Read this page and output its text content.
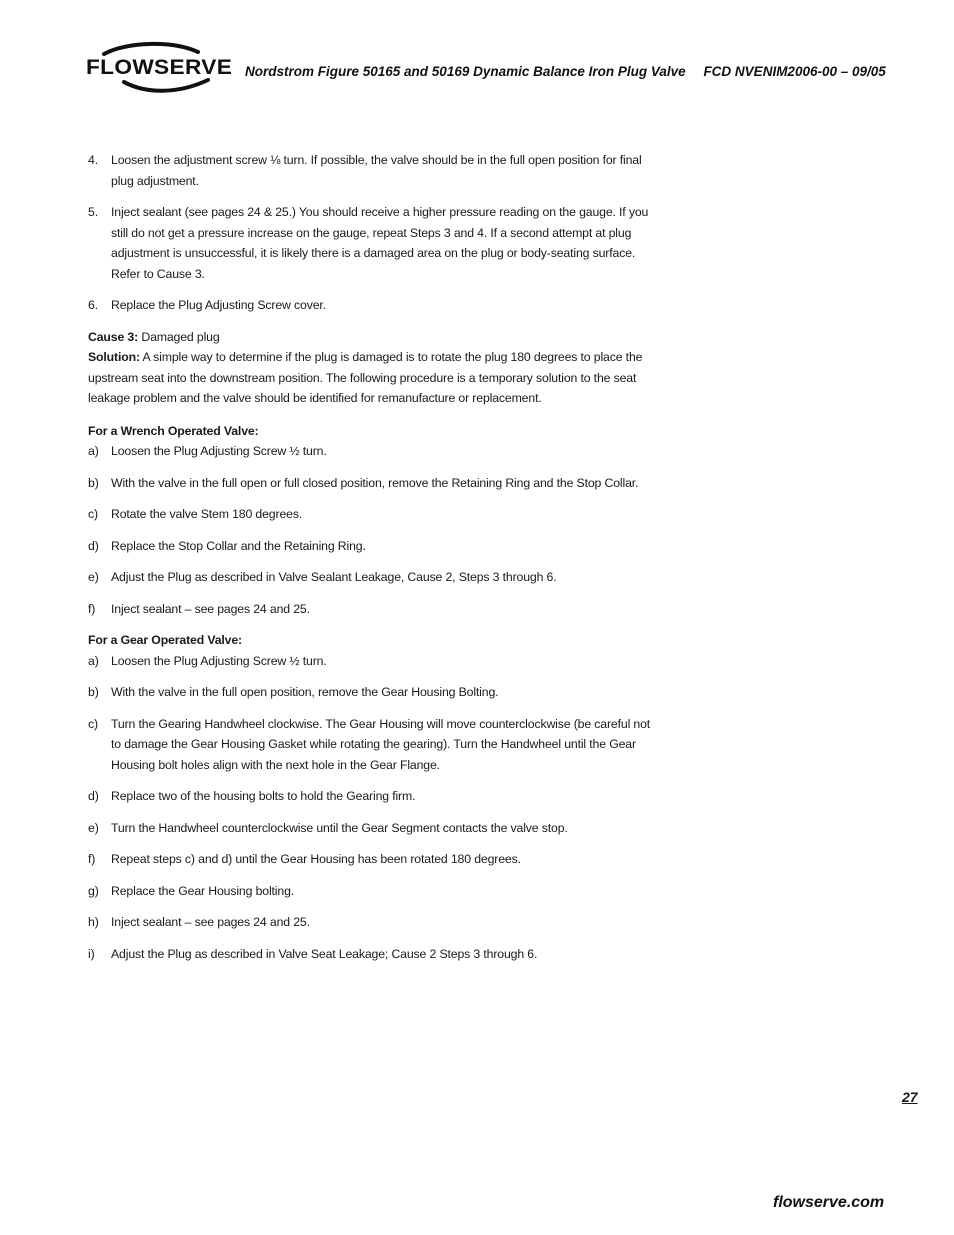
FLOWSERVE Nordstrom Figure 50165 and 50169 Dynamic Balance Iron Plug Valve FCD NVENIM2006-00 – 09/05
4.	Loosen the adjustment screw ⅛ turn. If possible, the valve should be in the full open position for final plug adjustment.
5.	Inject sealant (see pages 24 & 25.) You should receive a higher pressure reading on the gauge. If you still do not get a pressure increase on the gauge, repeat Steps 3 and 4. If a second attempt at plug adjustment is unsuccessful, it is likely there is a damaged area on the plug or body-seating surface. Refer to Cause 3.
6.	Replace the Plug Adjusting Screw cover.
Cause 3: Damaged plug
Solution: A simple way to determine if the plug is damaged is to rotate the plug 180 degrees to place the upstream seat into the downstream position. The following procedure is a temporary solution to the seat leakage problem and the valve should be identified for remanufacture or replacement.
For a Wrench Operated Valve:
a)	Loosen the Plug Adjusting Screw ½ turn.
b)	With the valve in the full open or full closed position, remove the Retaining Ring and the Stop Collar.
c)	Rotate the valve Stem 180 degrees.
d)	Replace the Stop Collar and the Retaining Ring.
e)	Adjust the Plug as described in Valve Sealant Leakage, Cause 2, Steps 3 through 6.
f)	Inject sealant – see pages 24 and 25.
For a Gear Operated Valve:
a)	Loosen the Plug Adjusting Screw ½ turn.
b)	With the valve in the full open position, remove the Gear Housing Bolting.
c)	Turn the Gearing Handwheel clockwise. The Gear Housing will move counterclockwise (be careful not to damage the Gear Housing Gasket while rotating the gearing). Turn the Handwheel until the Gear Housing bolt holes align with the next hole in the Gear Flange.
d)	Replace two of the housing bolts to hold the Gearing firm.
e)	Turn the Handwheel counterclockwise until the Gear Segment contacts the valve stop.
f)	Repeat steps c) and d) until the Gear Housing has been rotated 180 degrees.
g)	Replace the Gear Housing bolting.
h)	Inject sealant – see pages 24 and 25.
i)	Adjust the Plug as described in Valve Seat Leakage; Cause 2 Steps 3 through 6.
27
flowserve.com
